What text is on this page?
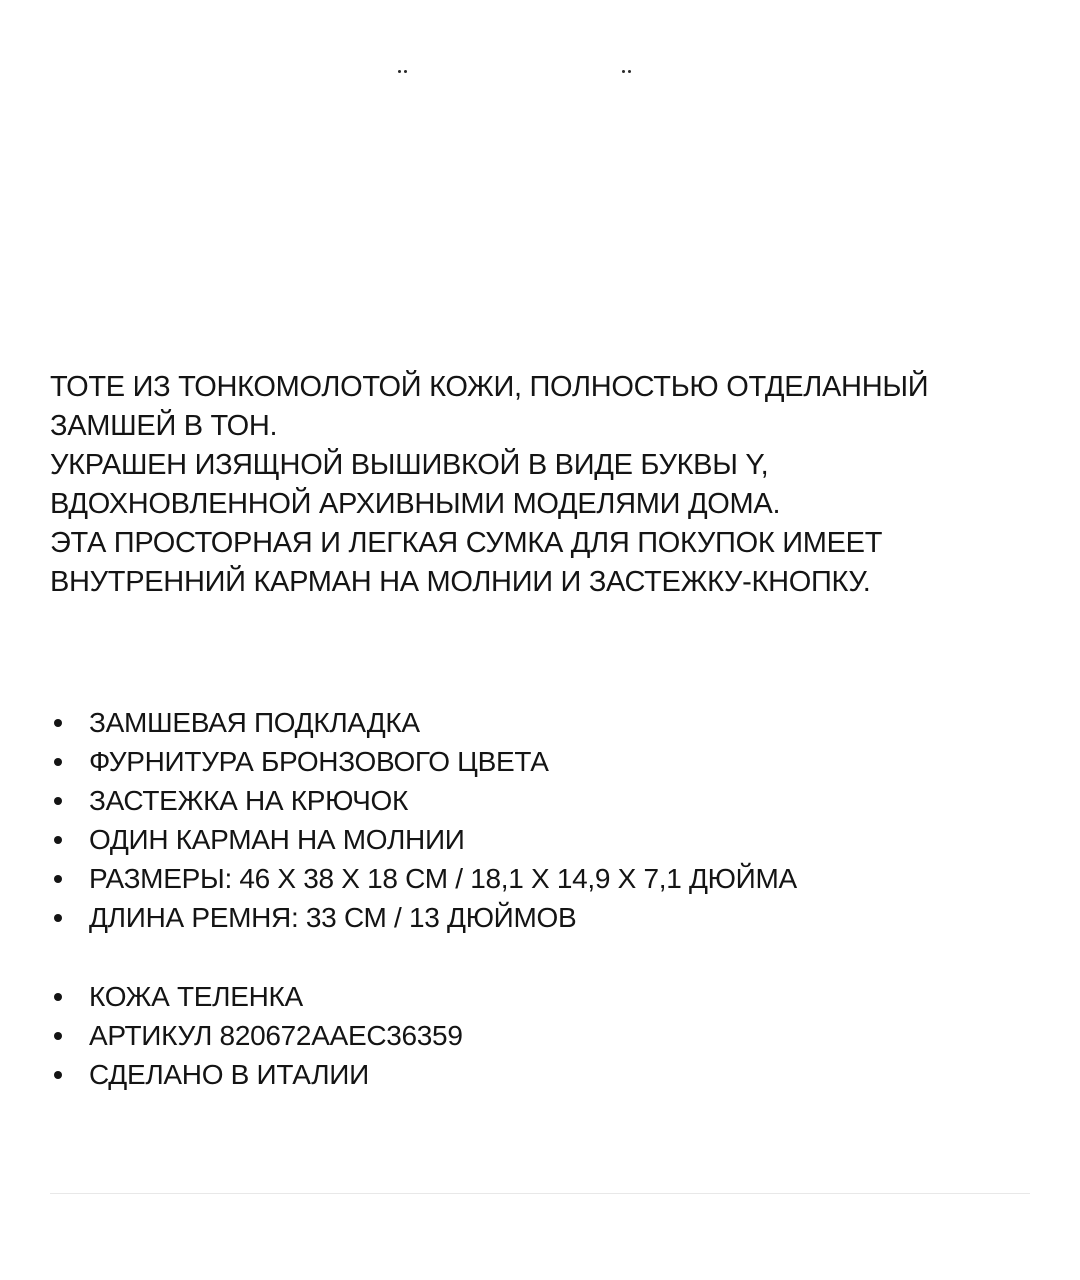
ТОТЕ ИЗ ТОНКОМОЛОТОЙ КОЖИ, ПОЛНОСТЬЮ ОТДЕЛАННЫЙ
ЗАМШЕЙ В ТОН.
УКРАШЕН ИЗЯЩНОЙ ВЫШИВКОЙ В ВИДЕ БУКВЫ Y,
ВДОХНОВЛЕННОЙ АРХИВНЫМИ МОДЕЛЯМИ ДОМА.
ЭТА ПРОСТОРНАЯ И ЛЕГКАЯ СУМКА ДЛЯ ПОКУПОК ИМЕЕТ
ВНУТРЕННИЙ КАРМАН НА МОЛНИИ И ЗАСТЕЖКУ-КНОПКУ.

ЗАМШЕВАЯ ПОДКЛАДКА
ФУРНИТУРА БРОНЗОВОГО ЦВЕТА
ЗАСТЕЖКА НА КРЮЧОК
ОДИН КАРМАН НА МОЛНИИ
РАЗМЕРЫ: 46 X 38 X 18 СМ / 18,1 X 14,9 X 7,1 ДЮЙМА
ДЛИНА РЕМНЯ: 33 СМ / 13 ДЮЙМОВ
КОЖА ТЕЛЕНКА
АРТИКУЛ 820672AAEC36359
СДЕЛАНО В ИТАЛИИ
